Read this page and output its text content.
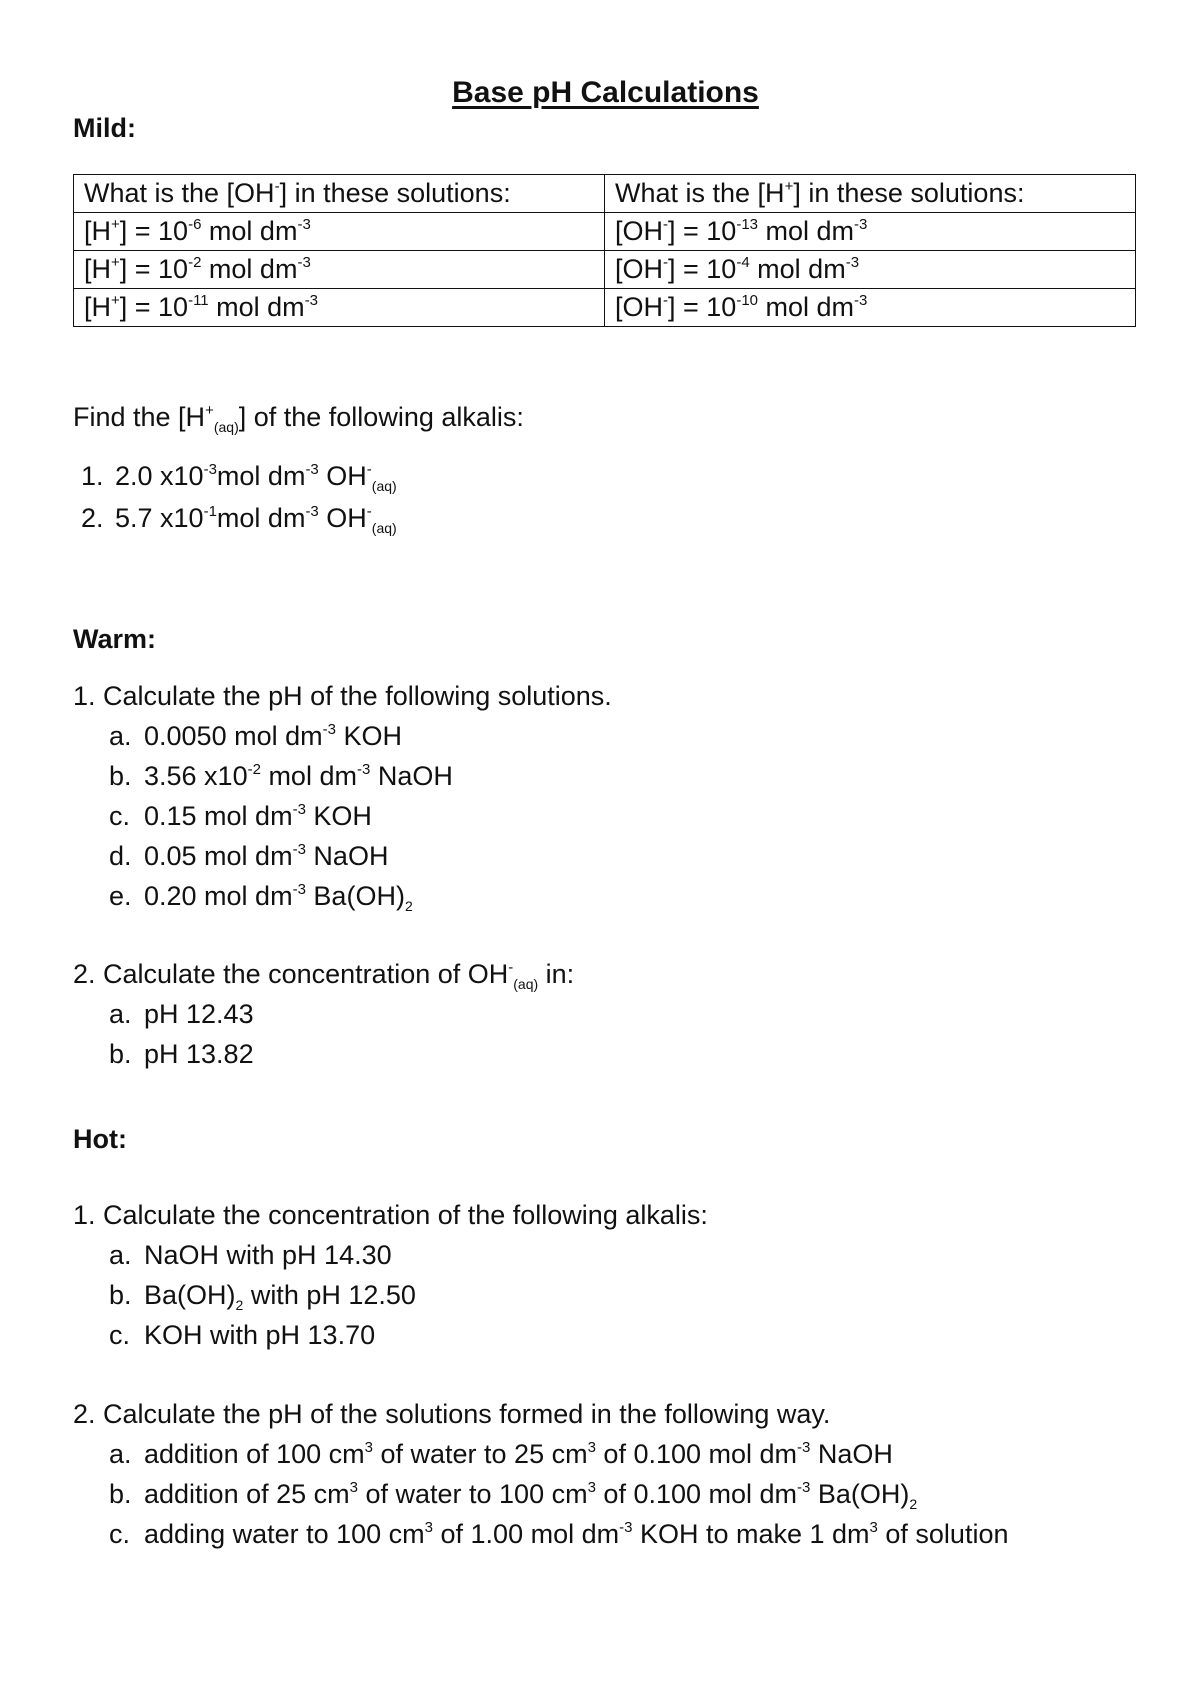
Base pH Calculations
Mild:
What is the [OH-] in these solutions:	What is the [H+] in these solutions:
$[H^+] = 10^{-6}$ mol $dm^{-3}$	$[OH^-] = 10^{-13}$ mol $dm^{-3}$
$[H^+] = 10^{-2}$ mol $dm^{-3}$	$[OH^-] = 10^{-4}$ mol $dm^{-3}$
$[H^+] = 10^{-11}$ mol $dm^{-3}$	$[OH^-] = 10^{-10}$ mol $dm^{-3}$
Find the $[H^+_{(aq)}]$ of the following alkalis:
1. 2.0 $x10^{-3}mol$ $dm^{-3}$ $OH^-_{(aq)}$
2. 5.7 $x10^{-1}mol$ $dm^{-3}$ $OH^-_{(aq)}$
Warm:
1. Calculate the pH of the following solutions.
a. 0.0050 mol $dm^{-3}$ KOH
b. 3.56 $x10^{-2}$ mol $dm^{-3}$ NaOH
c. 0.15 mol $dm^{-3}$ KOH
d. 0.05 mol $dm^{-3}$ NaOH
e. 0.20 mol $dm^{-3}$ $Ba(OH)_2$
2. Calculate the concentration of $OH^-_{(aq)}$ in:
a. pH 12.43
b. pH 13.82
Hot:
1. Calculate the concentration of the following alkalis:
a. NaOH with pH 14.30
b. $Ba(OH)_2$ with pH 12.50
c. KOH with pH 13.70
2. Calculate the pH of the solutions formed in the following way.
a. addition of 100 $cm^3$ of water to 25 $cm^3$ of 0.100 mol $dm^{-3}$ NaOH
b. addition of 25 $cm^3$ of water to 100 $cm^3$ of 0.100 mol $dm^{-3}$ $Ba(OH)_2$
c. adding water to 100 $cm^3$ of 1.00 mol $dm^{-3}$ KOH to make 1 $dm^3$ of solution
